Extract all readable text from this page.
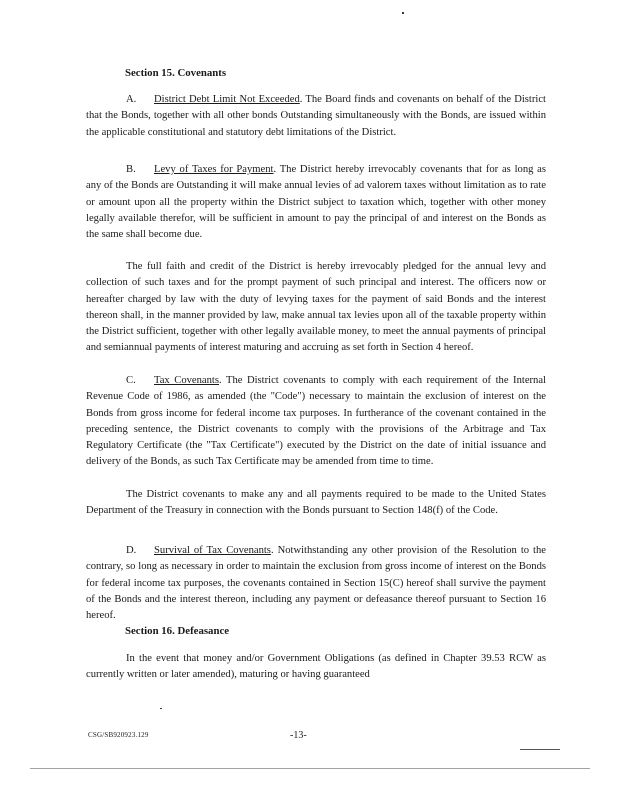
Section 15. Covenants
A. District Debt Limit Not Exceeded. The Board finds and covenants on behalf of the District that the Bonds, together with all other bonds Outstanding simultaneously with the Bonds, are issued within the applicable constitutional and statutory debt limitations of the District.
B. Levy of Taxes for Payment. The District hereby irrevocably covenants that for as long as any of the Bonds are Outstanding it will make annual levies of ad valorem taxes without limitation as to rate or amount upon all the property within the District subject to taxation which, together with other money legally available therefor, will be sufficient in amount to pay the principal of and interest on the Bonds as the same shall become due.
The full faith and credit of the District is hereby irrevocably pledged for the annual levy and collection of such taxes and for the prompt payment of such principal and interest. The officers now or hereafter charged by law with the duty of levying taxes for the payment of said Bonds and the interest thereon shall, in the manner provided by law, make annual tax levies upon all of the taxable property within the District sufficient, together with other legally available money, to meet the annual payments of principal and semiannual payments of interest maturing and accruing as set forth in Section 4 hereof.
C. Tax Covenants. The District covenants to comply with each requirement of the Internal Revenue Code of 1986, as amended (the "Code") necessary to maintain the exclusion of interest on the Bonds from gross income for federal income tax purposes. In furtherance of the covenant contained in the preceding sentence, the District covenants to comply with the provisions of the Arbitrage and Tax Regulatory Certificate (the "Tax Certificate") executed by the District on the date of initial issuance and delivery of the Bonds, as such Tax Certificate may be amended from time to time.
The District covenants to make any and all payments required to be made to the United States Department of the Treasury in connection with the Bonds pursuant to Section 148(f) of the Code.
D. Survival of Tax Covenants. Notwithstanding any other provision of the Resolution to the contrary, so long as necessary in order to maintain the exclusion from gross income of interest on the Bonds for federal income tax purposes, the covenants contained in Section 15(C) hereof shall survive the payment of the Bonds and the interest thereon, including any payment or defeasance thereof pursuant to Section 16 hereof.
Section 16. Defeasance
In the event that money and/or Government Obligations (as defined in Chapter 39.53 RCW as currently written or later amended), maturing or having guaranteed
CSG/SB920923.129	-13-
